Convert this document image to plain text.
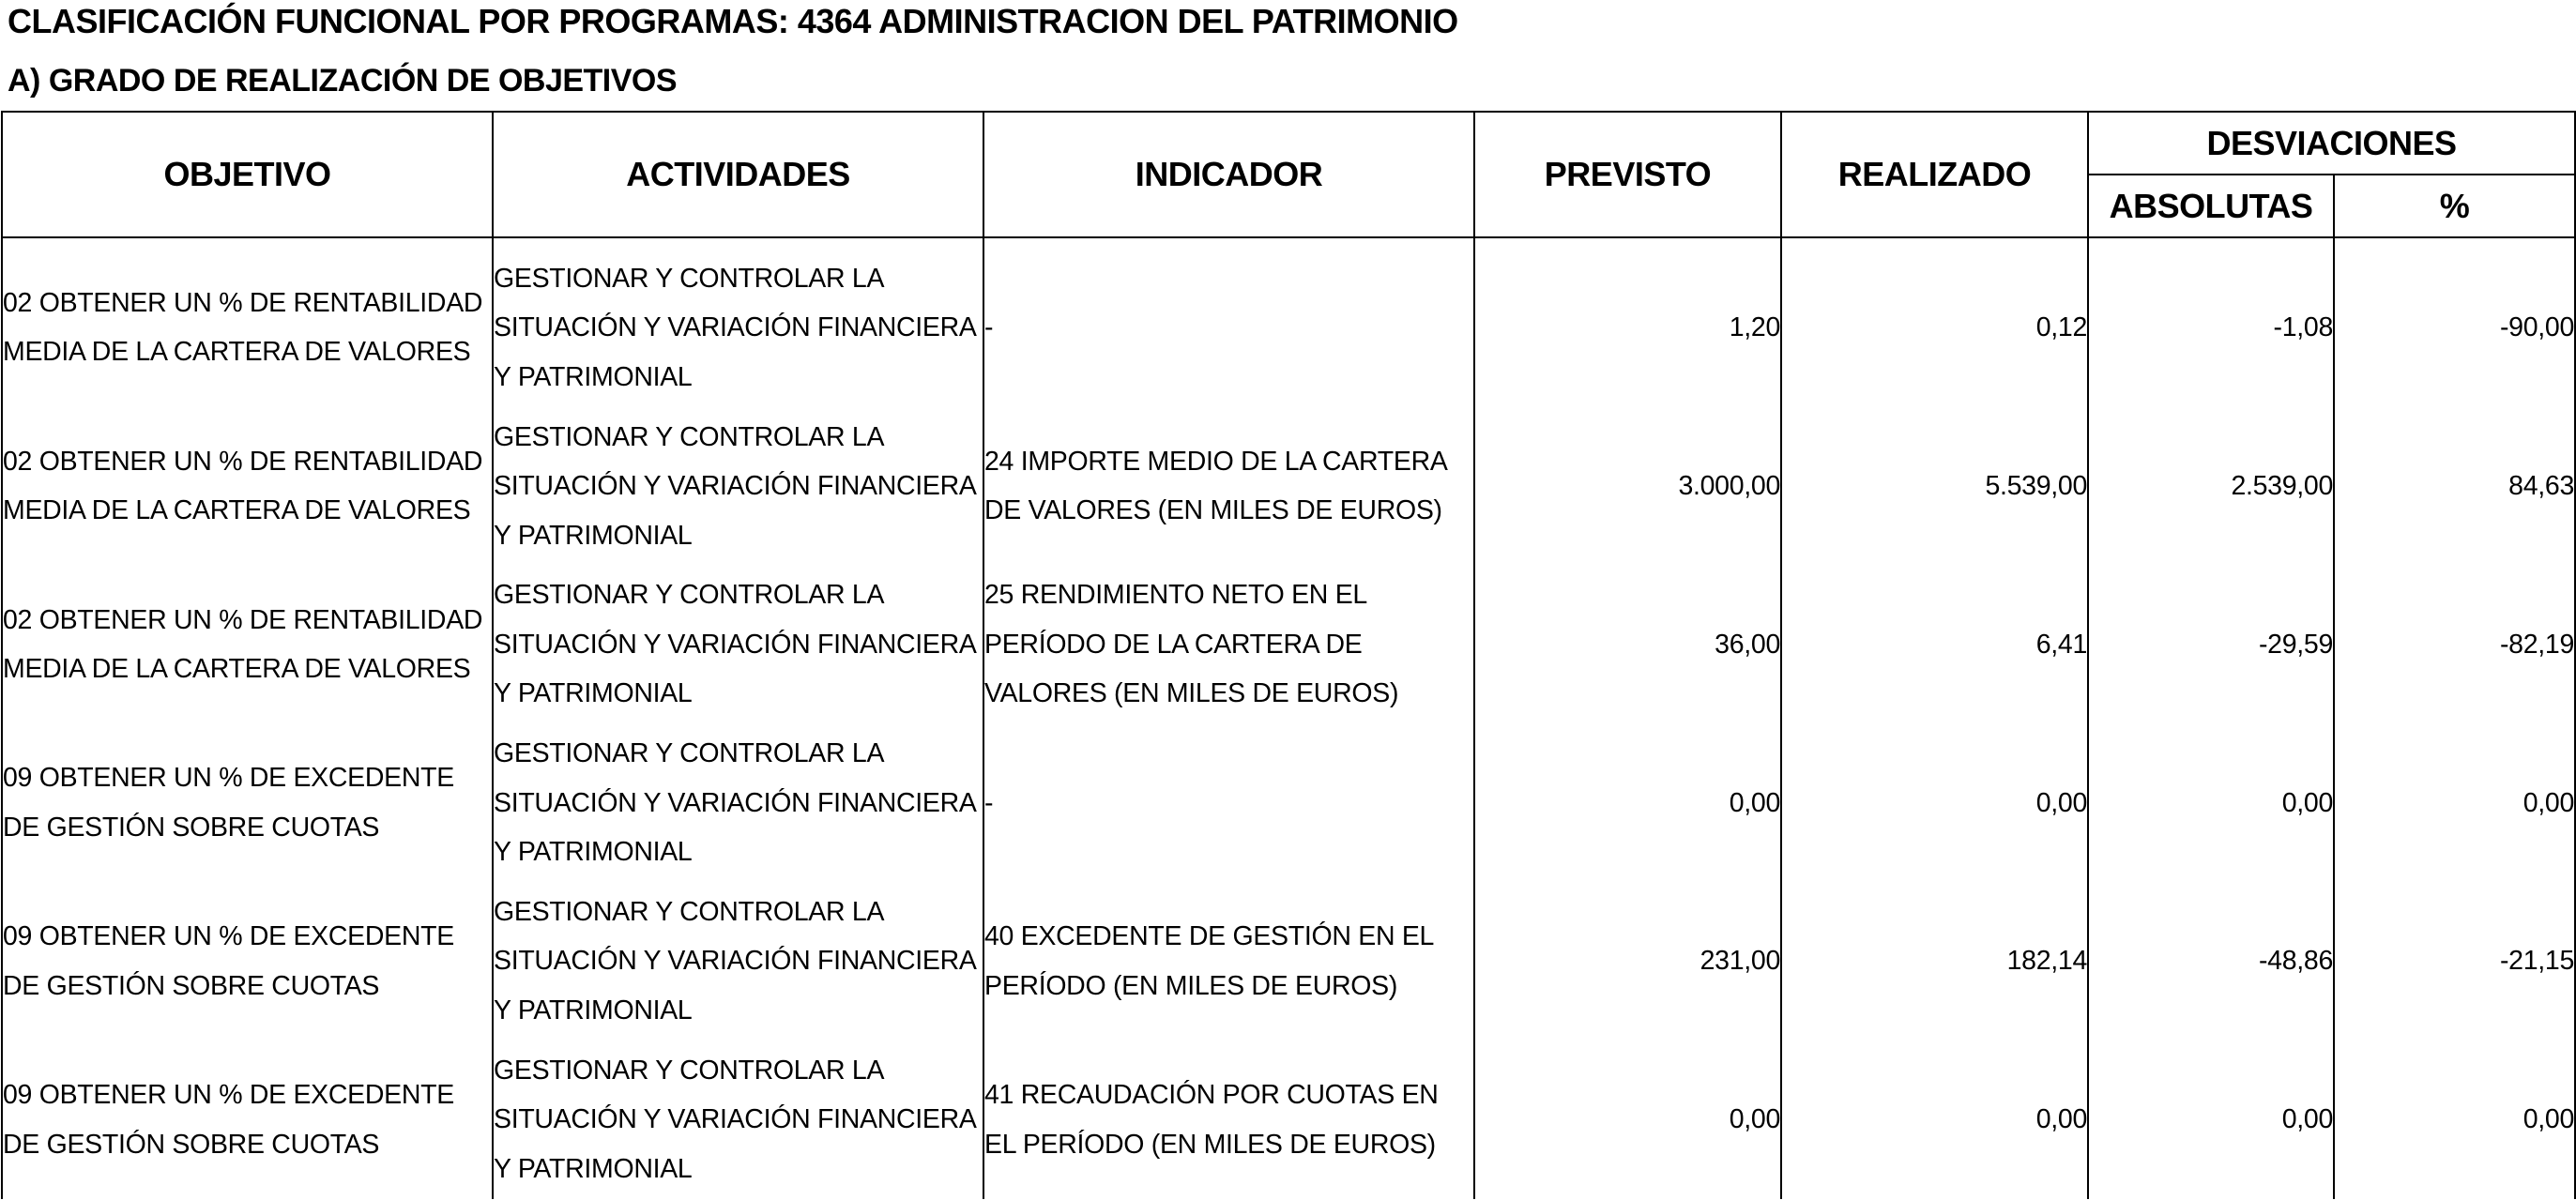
CLASIFICACIÓN FUNCIONAL POR PROGRAMAS: 4364 ADMINISTRACION DEL PATRIMONIO
A) GRADO DE REALIZACIÓN DE OBJETIVOS
OBJETIVO	ACTIVIDADES	INDICADOR	PREVISTO	REALIZADO	DESVIACIONES	
					ABSOLUTAS	%

02 OBTENER UN % DE RENTABILIDAD MEDIA DE LA CARTERA DE VALORES	GESTIONAR Y CONTROLAR LA SITUACIÓN Y VARIACIÓN FINANCIERA Y PATRIMONIAL	-	1,20	0,12	-1,08	-90,00
02 OBTENER UN % DE RENTABILIDAD MEDIA DE LA CARTERA DE VALORES	GESTIONAR Y CONTROLAR LA SITUACIÓN Y VARIACIÓN FINANCIERA Y PATRIMONIAL	24 IMPORTE MEDIO DE LA CARTERA DE VALORES (EN MILES DE EUROS)	3.000,00	5.539,00	2.539,00	84,63
02 OBTENER UN % DE RENTABILIDAD MEDIA DE LA CARTERA DE VALORES	GESTIONAR Y CONTROLAR LA SITUACIÓN Y VARIACIÓN FINANCIERA Y PATRIMONIAL	25 RENDIMIENTO NETO EN EL PERÍODO DE LA CARTERA DE VALORES (EN MILES DE EUROS)	36,00	6,41	-29,59	-82,19
09 OBTENER UN % DE EXCEDENTE DE GESTIÓN SOBRE CUOTAS	GESTIONAR Y CONTROLAR LA SITUACIÓN Y VARIACIÓN FINANCIERA Y PATRIMONIAL	-	0,00	0,00	0,00	0,00
09 OBTENER UN % DE EXCEDENTE DE GESTIÓN SOBRE CUOTAS	GESTIONAR Y CONTROLAR LA SITUACIÓN Y VARIACIÓN FINANCIERA Y PATRIMONIAL	40 EXCEDENTE DE GESTIÓN EN EL PERÍODO (EN MILES DE EUROS)	231,00	182,14	-48,86	-21,15
09 OBTENER UN % DE EXCEDENTE DE GESTIÓN SOBRE CUOTAS	GESTIONAR Y CONTROLAR LA SITUACIÓN Y VARIACIÓN FINANCIERA Y PATRIMONIAL	41 RECAUDACIÓN POR CUOTAS EN EL PERÍODO (EN MILES DE EUROS)	0,00	0,00	0,00	0,00
